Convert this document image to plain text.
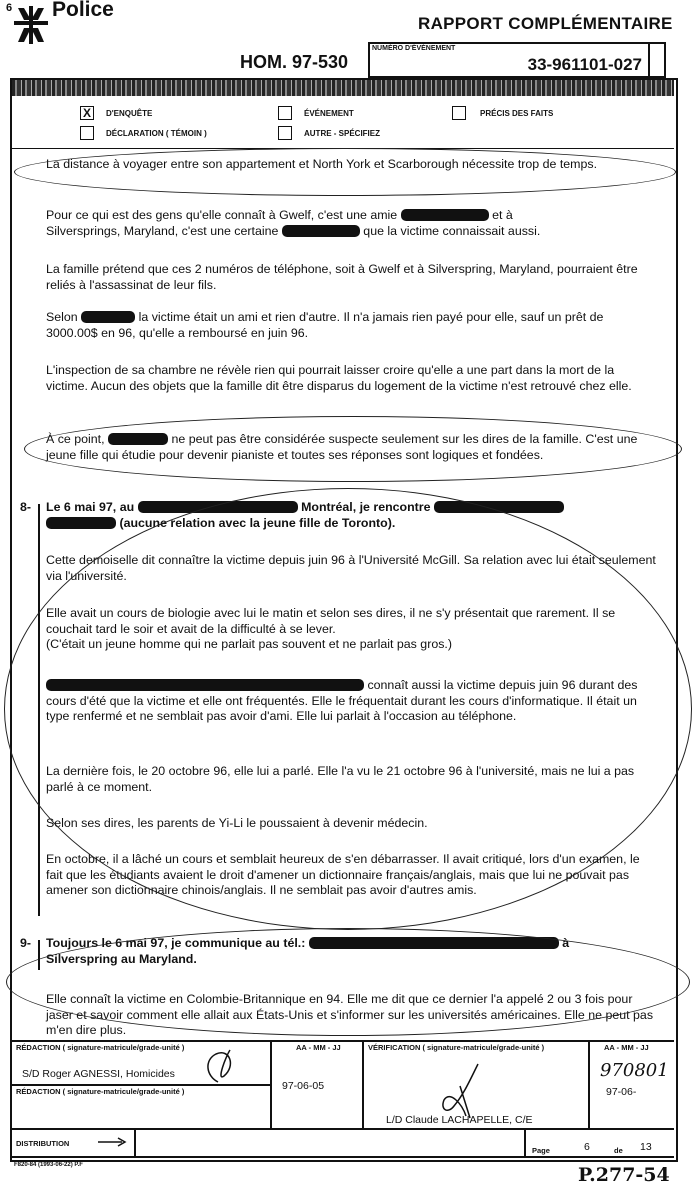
6 Police
RAPPORT COMPLÉMENTAIRE
HOM. 97-530
NUMÉRO D'ÉVÉNEMENT
33-961101-027
X	D'ENQUÊTE	ÉVÉNEMENT	PRÉCIS DES FAITS
DÉCLARATION ( TÉMOIN )	AUTRE - SPÉCIFIEZ
La distance à voyager entre son appartement et North York et Scarborough nécessite trop de temps.
Pour ce qui est des gens qu'elle connaît à Gwelf, c'est une amie	et à
Silversprings, Maryland, c'est une certaine	que la victime connaissait aussi.
La famille prétend que ces 2 numéros de téléphone, soit à Gwelf et à Silverspring, Maryland, pourraient être reliés à l'assassinat de leur fils.
Selon	la victime était un ami et rien d'autre. Il n'a jamais rien payé pour elle, sauf un prêt de 3000.00$ en 96, qu'elle a remboursé en juin 96.
L'inspection de sa chambre ne révèle rien qui pourrait laisser croire qu'elle a une part dans la mort de la victime. Aucun des objets que la famille dit être disparus du logement de la victime n'est retrouvé chez elle.
À ce point,	ne peut pas être considérée suspecte seulement sur les dires de la famille. C'est une jeune fille qui étudie pour devenir pianiste et toutes ses réponses sont logiques et fondées.
8- Le 6 mai 97, au	Montréal, je rencontre
(aucune relation avec la jeune fille de Toronto).
Cette demoiselle dit connaître la victime depuis juin 96 à l'Université McGill. Sa relation avec lui était seulement via l'université.
Elle avait un cours de biologie avec lui le matin et selon ses dires, il ne s'y présentait que rarement. Il se couchait tard le soir et avait de la difficulté à se lever.
(C'était un jeune homme qui ne parlait pas souvent et ne parlait pas gros.)
connaît aussi la victime depuis juin 96 durant des cours d'été que la victime et elle ont fréquentés. Elle le fréquentait durant les cours d'informatique. Il était un type renfermé et ne semblait pas avoir d'ami. Elle lui parlait à l'occasion au téléphone.
La dernière fois, le 20 octobre 96, elle lui a parlé. Elle l'a vu le 21 octobre 96 à l'université, mais ne lui a pas parlé à ce moment.
Selon ses dires, les parents de Yi-Li le poussaient à devenir médecin.
En octobre, il a lâché un cours et semblait heureux de s'en débarrasser. Il avait critiqué, lors d'un examen, le fait que les étudiants avaient le droit d'amener un dictionnaire français/anglais, mais que lui ne pouvait pas amener son dictionnaire chinois/anglais. Il ne semblait pas avoir d'autres amis.
9- Toujours le 6 mai 97, je communique au tél.:	à
Silverspring au Maryland.
Elle connaît la victime en Colombie-Britannique en 94. Elle me dit que ce dernier l'a appelé 2 ou 3 fois pour jaser et savoir comment elle allait aux États-Unis et s'informer sur les universités américaines. Elle ne peut pas m'en dire plus.
RÉDACTION ( signature-matricule/grade-unité )
RÉDACTION ( signature-matricule/grade-unité )
AA - MM - JJ	VÉRIFICATION ( signature-matricule/grade-unité )	AA - MM - JJ
S/D Roger AGNESSI, Homicides
97-06-05
L/D Claude LACHAPELLE, C/E
970801
97-06-
DISTRIBUTION
Page	6	de 13
F820-84 (1993-06-22) P.F	P.277-54
